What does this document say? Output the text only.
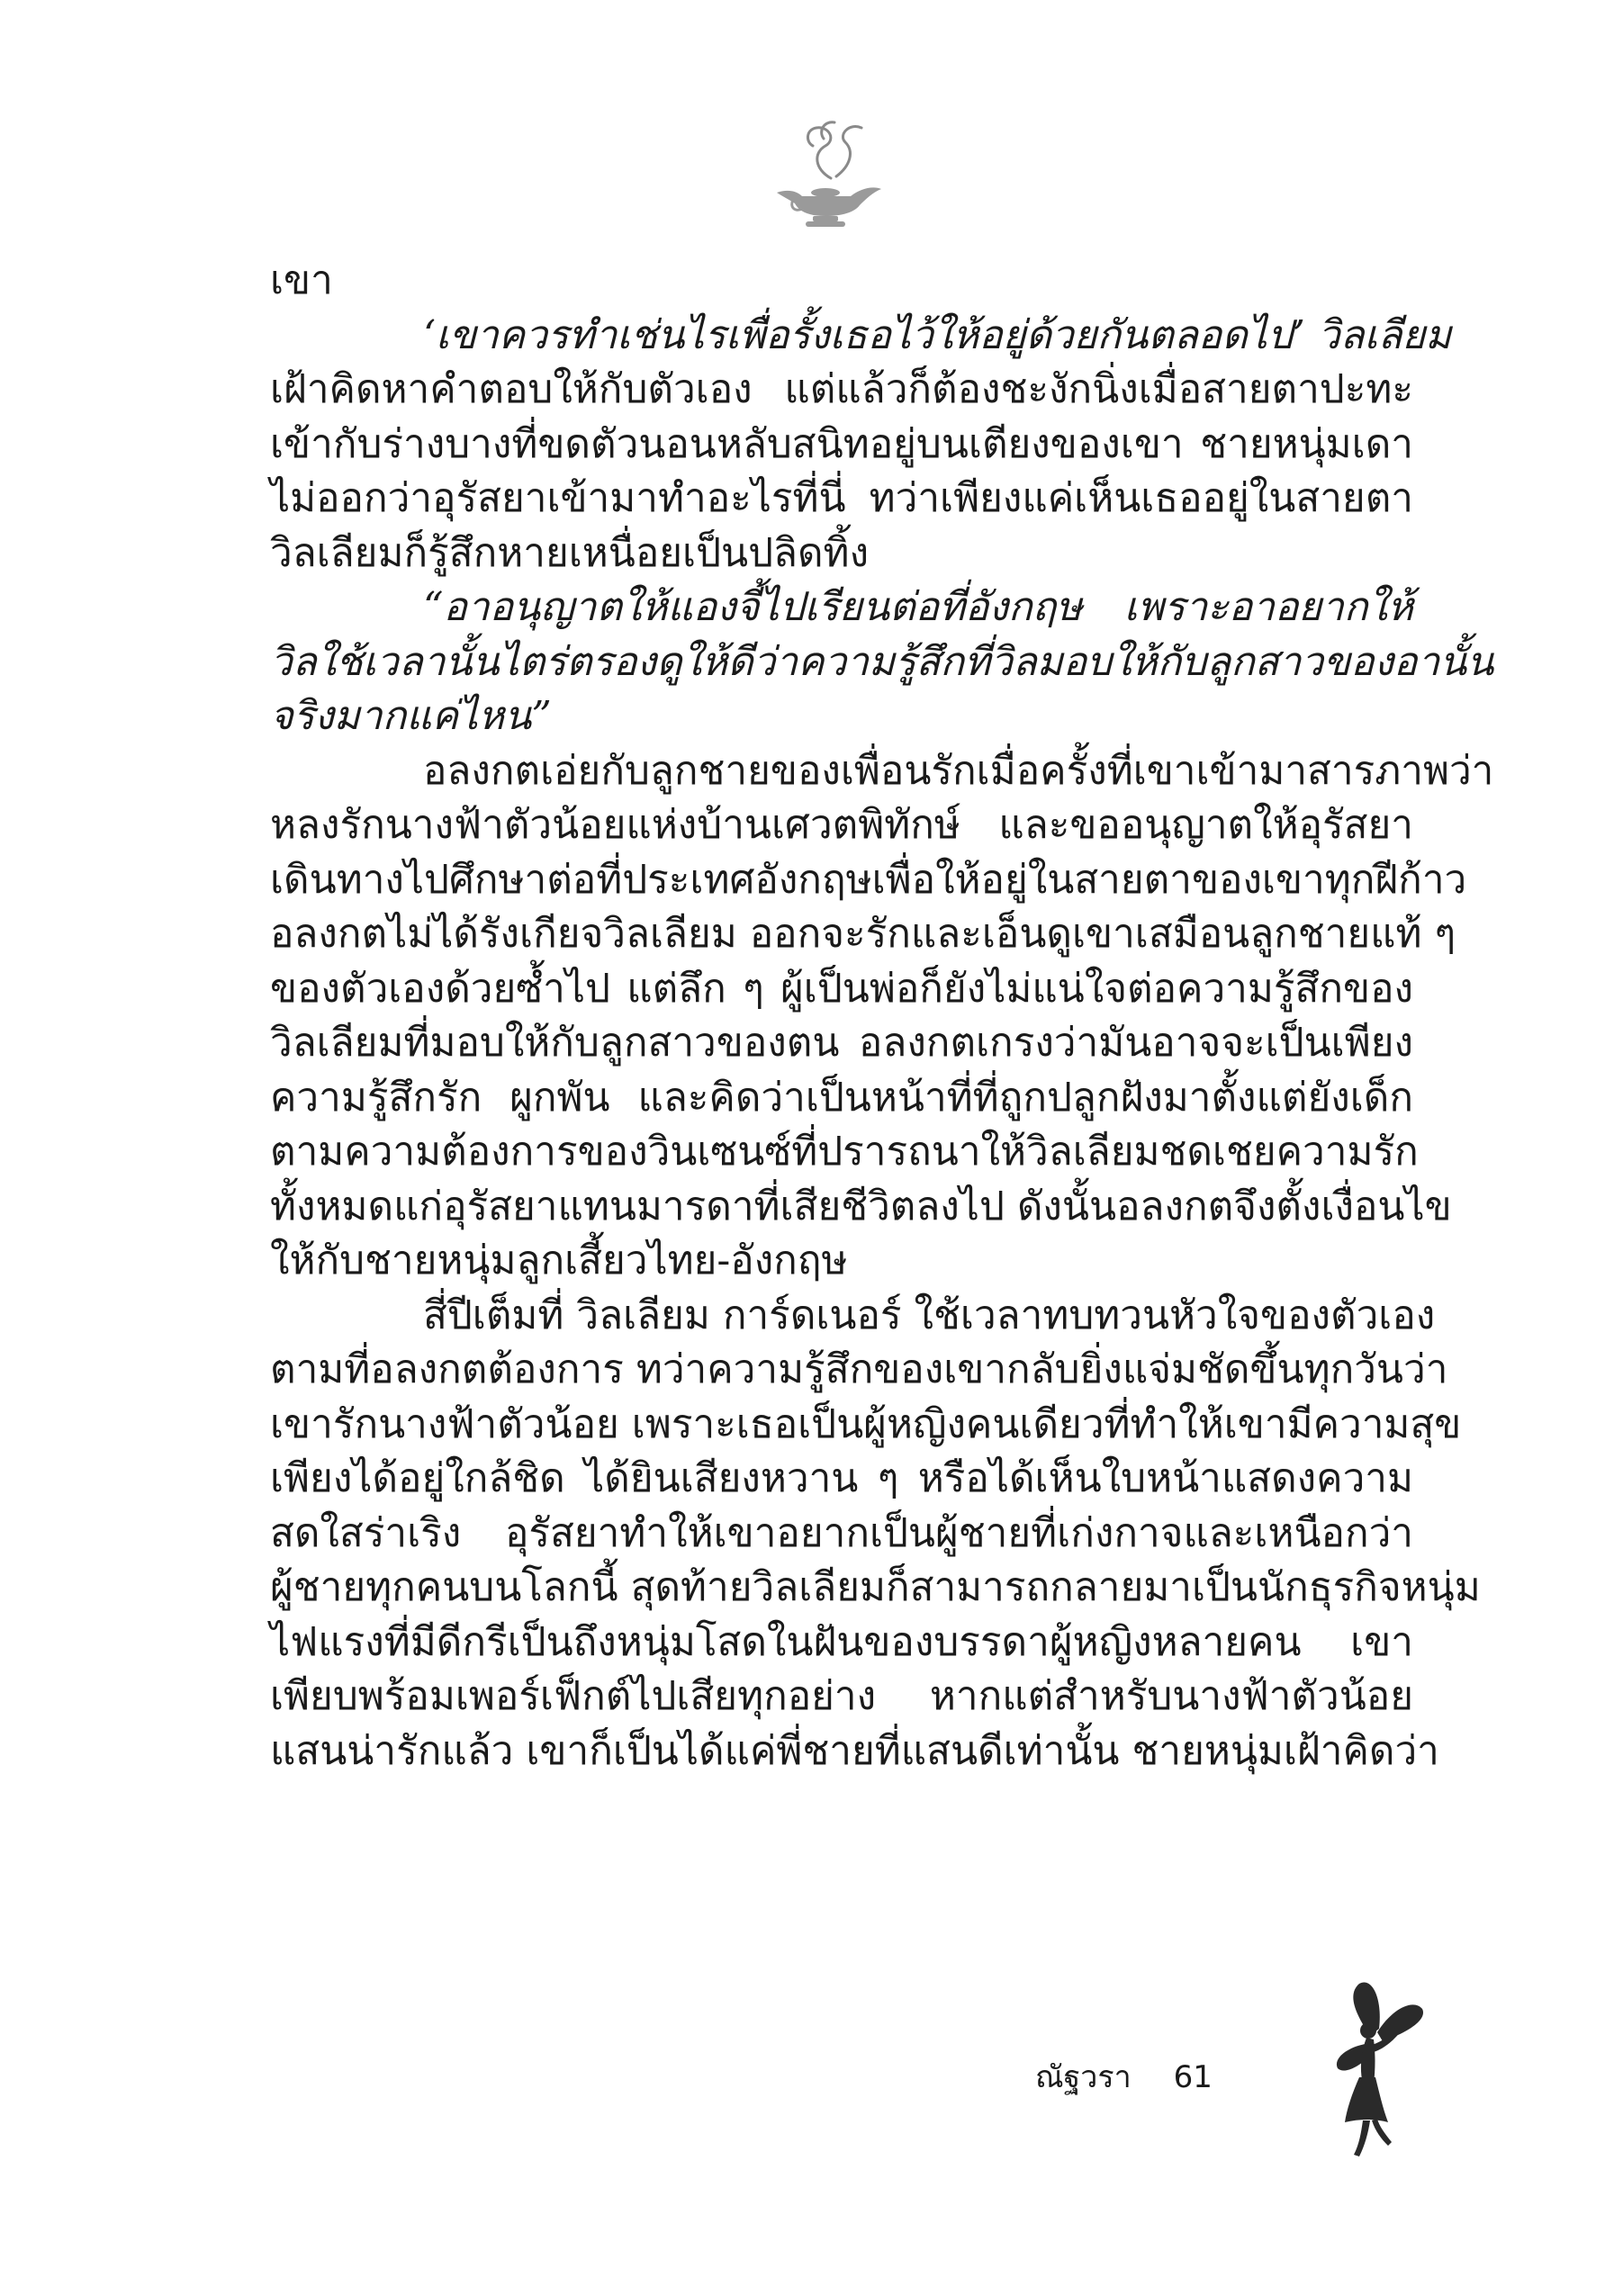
เขา
‘เขาควรทำเช่นไรเพื่อรั้งเธอไว้ให้อยู่ด้วยกันตลอดไป’ วิลเลียม
เฝ้าคิดหาคำตอบให้กับตัวเอง แต่แล้วก็ต้องชะงักนิ่งเมื่อสายตาปะทะ
เข้ากับร่างบางที่ขดตัวนอนหลับสนิทอยู่บนเตียงของเขา ชายหนุ่มเดา
ไม่ออกว่าอุรัสยาเข้ามาทำอะไรที่นี่ ทว่าเพียงแค่เห็นเธออยู่ในสายตา
วิลเลียมก็รู้สึกหายเหนื่อยเป็นปลิดทิ้ง
“อาอนุญาตให้แองจี้ไปเรียนต่อที่อังกฤษ เพราะอาอยากให้
วิลใช้เวลานั้นไตร่ตรองดูให้ดีว่าความรู้สึกที่วิลมอบให้กับลูกสาวของอานั้น
จริงมากแค่ไหน”
อลงกตเอ่ยกับลูกชายของเพื่อนรักเมื่อครั้งที่เขาเข้ามาสารภาพว่า
หลงรักนางฟ้าตัวน้อยแห่งบ้านเศวตพิทักษ์ และขออนุญาตให้อุรัสยา
เดินทางไปศึกษาต่อที่ประเทศอังกฤษเพื่อให้อยู่ในสายตาของเขาทุกฝีก้าว
อลงกตไม่ได้รังเกียจวิลเลียม ออกจะรักและเอ็นดูเขาเสมือนลูกชายแท้ ๆ
ของตัวเองด้วยซ้ำไป แต่ลึก ๆ ผู้เป็นพ่อก็ยังไม่แน่ใจต่อความรู้สึกของ
วิลเลียมที่มอบให้กับลูกสาวของตน อลงกตเกรงว่ามันอาจจะเป็นเพียง
ความรู้สึกรัก ผูกพัน และคิดว่าเป็นหน้าที่ที่ถูกปลูกฝังมาตั้งแต่ยังเด็ก
ตามความต้องการของวินเซนซ์ที่ปรารถนาให้วิลเลียมชดเชยความรัก
ทั้งหมดแก่อุรัสยาแทนมารดาที่เสียชีวิตลงไป ดังนั้นอลงกตจึงตั้งเงื่อนไข
ให้กับชายหนุ่มลูกเสี้ยวไทย-อังกฤษ
สี่ปีเต็มที่ วิลเลียม การ์ดเนอร์ ใช้เวลาทบทวนหัวใจของตัวเอง
ตามที่อลงกตต้องการ ทว่าความรู้สึกของเขากลับยิ่งแจ่มชัดขึ้นทุกวันว่า
เขารักนางฟ้าตัวน้อย เพราะเธอเป็นผู้หญิงคนเดียวที่ทำให้เขามีความสุข
เพียงได้อยู่ใกล้ชิด ได้ยินเสียงหวาน ๆ หรือได้เห็นใบหน้าแสดงความ
สดใสร่าเริง อุรัสยาทำให้เขาอยากเป็นผู้ชายที่เก่งกาจและเหนือกว่า
ผู้ชายทุกคนบนโลกนี้ สุดท้ายวิลเลียมก็สามารถกลายมาเป็นนักธุรกิจหนุ่ม
ไฟแรงที่มีดีกรีเป็นถึงหนุ่มโสดในฝันของบรรดาผู้หญิงหลายคน เขา
เพียบพร้อมเพอร์เฟ็กต์ไปเสียทุกอย่าง หากแต่สำหรับนางฟ้าตัวน้อย
แสนน่ารักแล้ว เขาก็เป็นได้แค่พี่ชายที่แสนดีเท่านั้น ชายหนุ่มเฝ้าคิดว่า
ณัฐวรา 61
